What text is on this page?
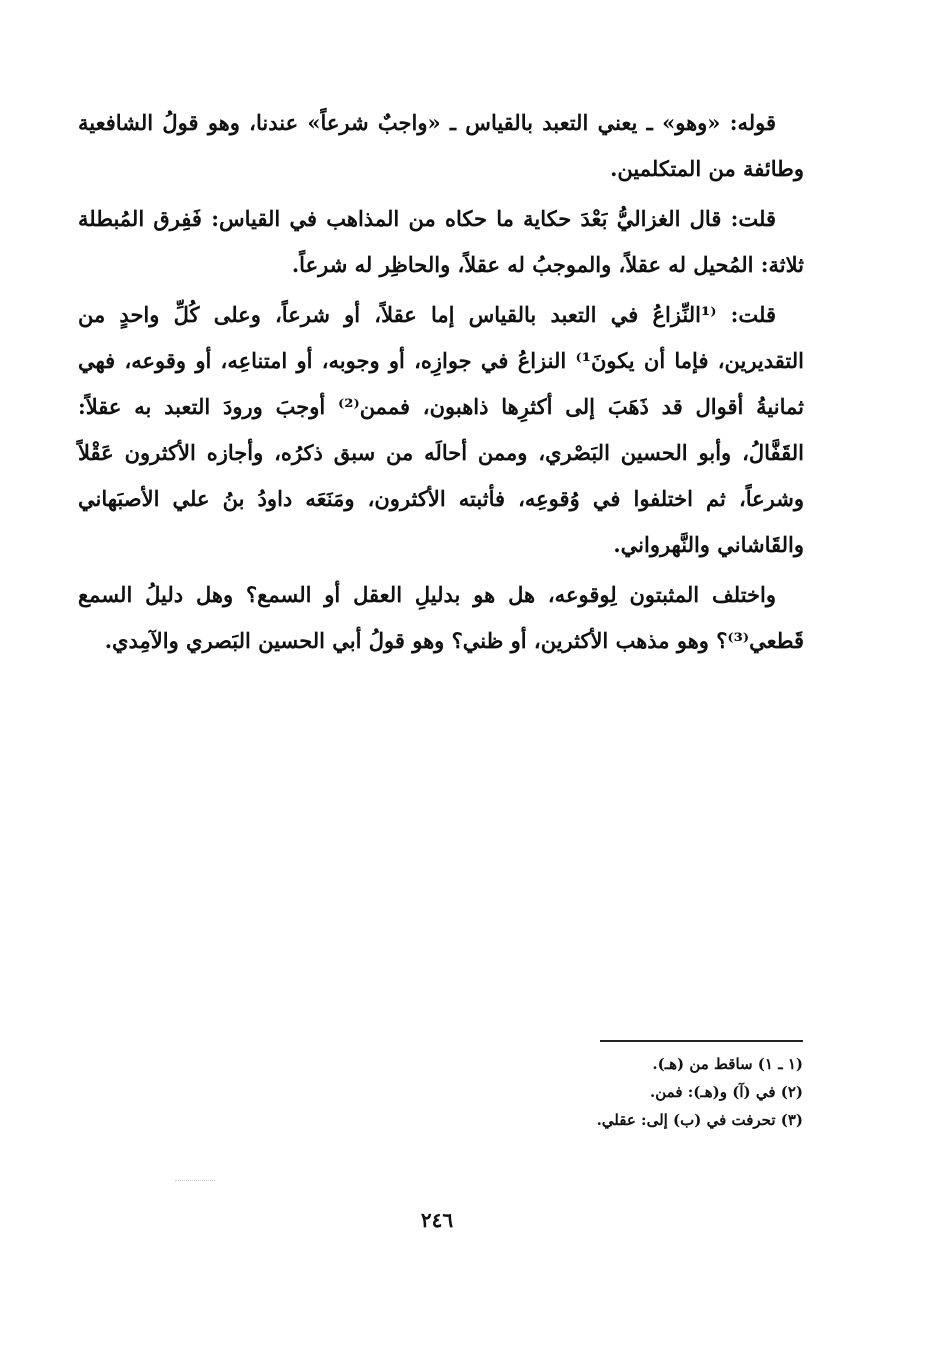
قوله: «وهو» ـ يعني التعبد بالقياس ـ «واجبٌ شرعاً» عندنا، وهو قولُ الشافعية وطائفة من المتكلمين.

قلت: قال الغزاليُّ بَعْدَ حكاية ما حكاه من المذاهب في القياس: فَفِرق المُبطلة ثلاثة: المُحيل له عقلاً، والموجبُ له عقلاً، والحاظِر له شرعاً.

قلت: ⁽¹النِّزاعُ في التعبد بالقياس إما عقلاً، أو شرعاً، وعلى كُلِّ واحدٍ من التقديرين، فإما أن يكونَ¹⁾ النزاعُ في جوازِه، أو وجوبه، أو امتناعِه، أو وقوعه، فهي ثمانيةُ أقوال قد ذَهَبَ إلى أكثرِها ذاهبون، فممن⁽²⁾ أوجبَ ورودَ التعبد به عقلاً: القَفَّالُ، وأبو الحسين البَصْري، وممن أحالَه من سبق ذكرُه، وأجازه الأكثرون عَقْلاً وشرعاً، ثم اختلفوا في وُقوعِه، فأثبته الأكثرون، ومَنَعَه داودُ بنُ علي الأصبَهاني والقَاشاني والنَّهرواني.

واختلف المثبتون لِوقوعه، هل هو بدليلِ العقل أو السمع؟ وهل دليلُ السمع قَطعي⁽³⁾؟ وهو مذهب الأكثرين، أو ظني؟ وهو قولُ أبي الحسين البَصري والآمِدي.

(١ ـ ١) ساقط من (هـ).
(٢) في (آ) و(هـ): فمن.
(٣) تحرفت في (ب) إلى: عقلي.
٢٤٦
